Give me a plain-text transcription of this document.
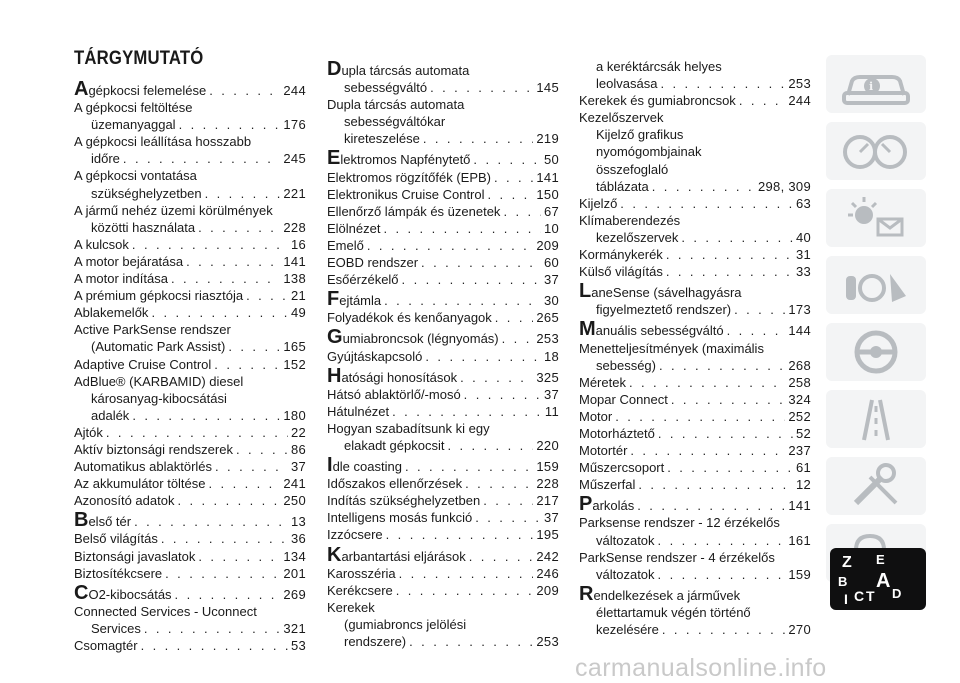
TÁRGYMUTATÓ
A gépkocsi felemelése . . .	244
A gépkocsi feltöltése
üzemanyaggal . . .	176
A gépkocsi leállítása hosszabb
időre . . .	245
A gépkocsi vontatása
szükséghelyzetben . . .	221
A jármű nehéz üzemi körülmények
közötti használata . . .	228
A kulcsok . . .	16
A motor bejáratása . . .	141
A motor indítása . . .	138
A prémium gépkocsi riasztója . . .	21
Ablakemelők . . .	49
Active ParkSense rendszer
(Automatic Park Assist) . . .	165
Adaptive Cruise Control . . .	152
AdBlue® (KARBAMID) diesel
károsanyag-kibocsátási
adalék . . .	180
Ajtók . . .	22
Aktív biztonsági rendszerek . . .	86
Automatikus ablaktörlés . . .	37
Az akkumulátor töltése . . .	241
Azonosító adatok . . .	250
B első tér . . .	13
Belső világítás . . .	36
Biztonsági javaslatok . . .	134
Biztosítékcsere . . .	201
C O2-kibocsátás . . .	269
Connected Services - Uconnect
Services . . .	321
Csomagtér . . .	53
D upla tárcsás automata
sebességváltó . . .	145
Dupla tárcsás automata
sebességváltókar
kireteszelése . . .	219
E lektromos Napfénytető . . .	50
Elektromos rögzítőfék (EPB) . . .	141
Elektronikus Cruise Control . . .	150
Ellenőrző lámpák és üzenetek . . .	67
Elölnézet . . .	10
Emelő . . .	209
EOBD rendszer . . .	60
Esőérzékelő . . .	37
F ejtámla . . .	30
Folyadékok és kenőanyagok . . .	265
G umiabroncsok (légnyomás) . . .	253
Gyújtáskapcsoló . . .	18
H atósági honosítások . . .	325
Hátsó ablaktörlő/-mosó . . .	37
Hátulnézet . . .	11
Hogyan szabadítsunk ki egy
elakadt gépkocsit . . .	220
I dle coasting . . .	159
Időszakos ellenőrzések . . .	228
Indítás szükséghelyzetben . . .	217
Intelligens mosás funkció . . .	37
Izzócsere . . .	195
K arbantartási eljárások . . .	242
Karosszéria . . .	246
Kerékcsere . . .	209
Kerekek
(gumiabroncs jelölési
rendszere) . . .	253
a keréktárcsák helyes
leolvasása . . .	253
Kerekek és gumiabroncsok . . .	244
Kezelőszervek
Kijelző grafikus
nyomógombjainak
összefoglaló
táblázata . . .	298, 309
Kijelző . . .	63
Klímaberendezés
kezelőszervek . . .	40
Kormánykerék . . .	31
Külső világítás . . .	33
L aneSense (sávelhagyásra
figyelmeztető rendszer) . . .	173
M anuális sebességváltó . . .	144
Menetteljesítmények (maximális
sebesség) . . .	268
Méretek . . .	258
Mopar Connect . . .	324
Motor . . .	252
Motorháztető . . .	52
Motortér . . .	237
Műszercsoport . . .	61
Műszerfal . . .	12
P arkolás . . .	141
Parksense rendszer - 12 érzékelős
változatok . . .	161
ParkSense rendszer - 4 érzékelős
változatok . . .	159
R endelkezések a járművek
élettartamuk végén történő
kezelésére . . .	270
i
Z E
B A
C T D
I
carmanualsonline.info
